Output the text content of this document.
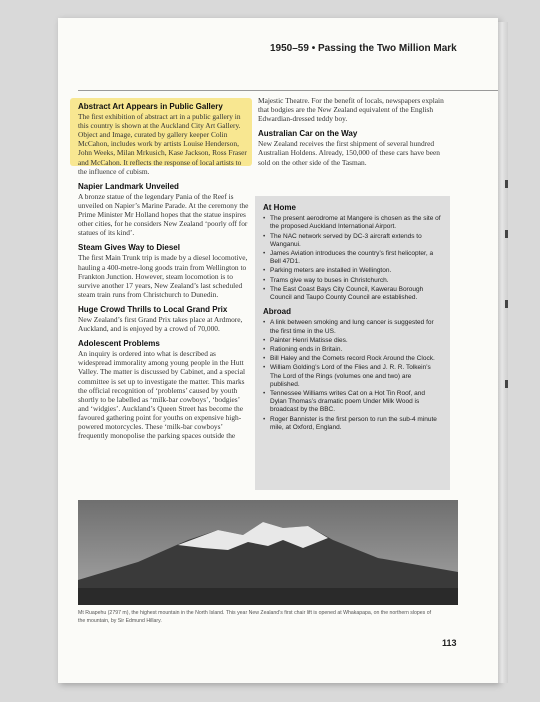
1950–59 • Passing the Two Million Mark
Abstract Art Appears in Public Gallery

The first exhibition of abstract art in a public gallery in this country is shown at the Auckland City Art Gallery. Object and Image, curated by gallery keeper Colin McCahon, includes work by artists Louise Henderson, John Weeks, Milan Mrkusich, Kase Jackson, Ross Fraser and McCahon. It reflects the response of local artists to the influence of cubism.

Napier Landmark Unveiled

A bronze statue of the legendary Pania of the Reef is unveiled on Napier’s Marine Parade. At the ceremony the Prime Minister Mr Holland hopes that the statue inspires other cities, for he considers New Zealand ‘poorly off for statues of its kind’.

Steam Gives Way to Diesel

The first Main Trunk trip is made by a diesel locomotive, hauling a 400-metre-long goods train from Wellington to Frankton Junction. However, steam locomotion is to survive another 17 years, New Zealand’s last scheduled steam train runs from Christchurch to Dunedin.

Huge Crowd Thrills to Local Grand Prix

New Zealand’s first Grand Prix takes place at Ardmore, Auckland, and is enjoyed by a crowd of 70,000.

Adolescent Problems

An inquiry is ordered into what is described as widespread immorality among young people in the Hutt Valley. The matter is discussed by Cabinet, and a special committee is set up to investigate the matter. This marks the official recognition of ‘problems’ caused by youth shortly to be labelled as ‘milk-bar cowboys’, ‘bodgies’ and ‘widgies’. Auckland’s Queen Street has become the favoured gathering point for youths on expensive high-powered motorcycles. These ‘milk-bar cowboys’ frequently monopolise the parking spaces outside the

Majestic Theatre. For the benefit of locals, newspapers explain that bodgies are the New Zealand equivalent of the English Edwardian-dressed teddy boy.

Australian Car on the Way

New Zealand receives the first shipment of several hundred Australian Holdens. Already, 150,000 of these cars have been sold on the other side of the Tasman.

At Home
• The present aerodrome at Mangere is chosen as the site of the proposed Auckland International Airport.
• The NAC network served by DC-3 aircraft extends to Wanganui.
• James Aviation introduces the country’s first helicopter, a Bell 47D1.
• Parking meters are installed in Wellington.
• Trams give way to buses in Christchurch.
• The East Coast Bays City Council, Kawerau Borough Council and Taupo County Council are established.
Abroad
• A link between smoking and lung cancer is suggested for the first time in the US.
• Painter Henri Matisse dies.
• Rationing ends in Britain.
• Bill Haley and the Comets record Rock Around the Clock.
• William Golding’s Lord of the Flies and J. R. R. Tolkein’s The Lord of the Rings (volumes one and two) are published.
• Tennessee Williams writes Cat on a Hot Tin Roof, and Dylan Thomas’s dramatic poem Under Milk Wood is broadcast by the BBC.
• Roger Bannister is the first person to run the sub-4 minute mile, at Oxford, England.
Mt Ruapehu (2797 m), the highest mountain in the North Island. This year New Zealand’s first chair lift is opened at Whakapapa, on the northern slopes of the mountain, by Sir Edmund Hillary.
113
